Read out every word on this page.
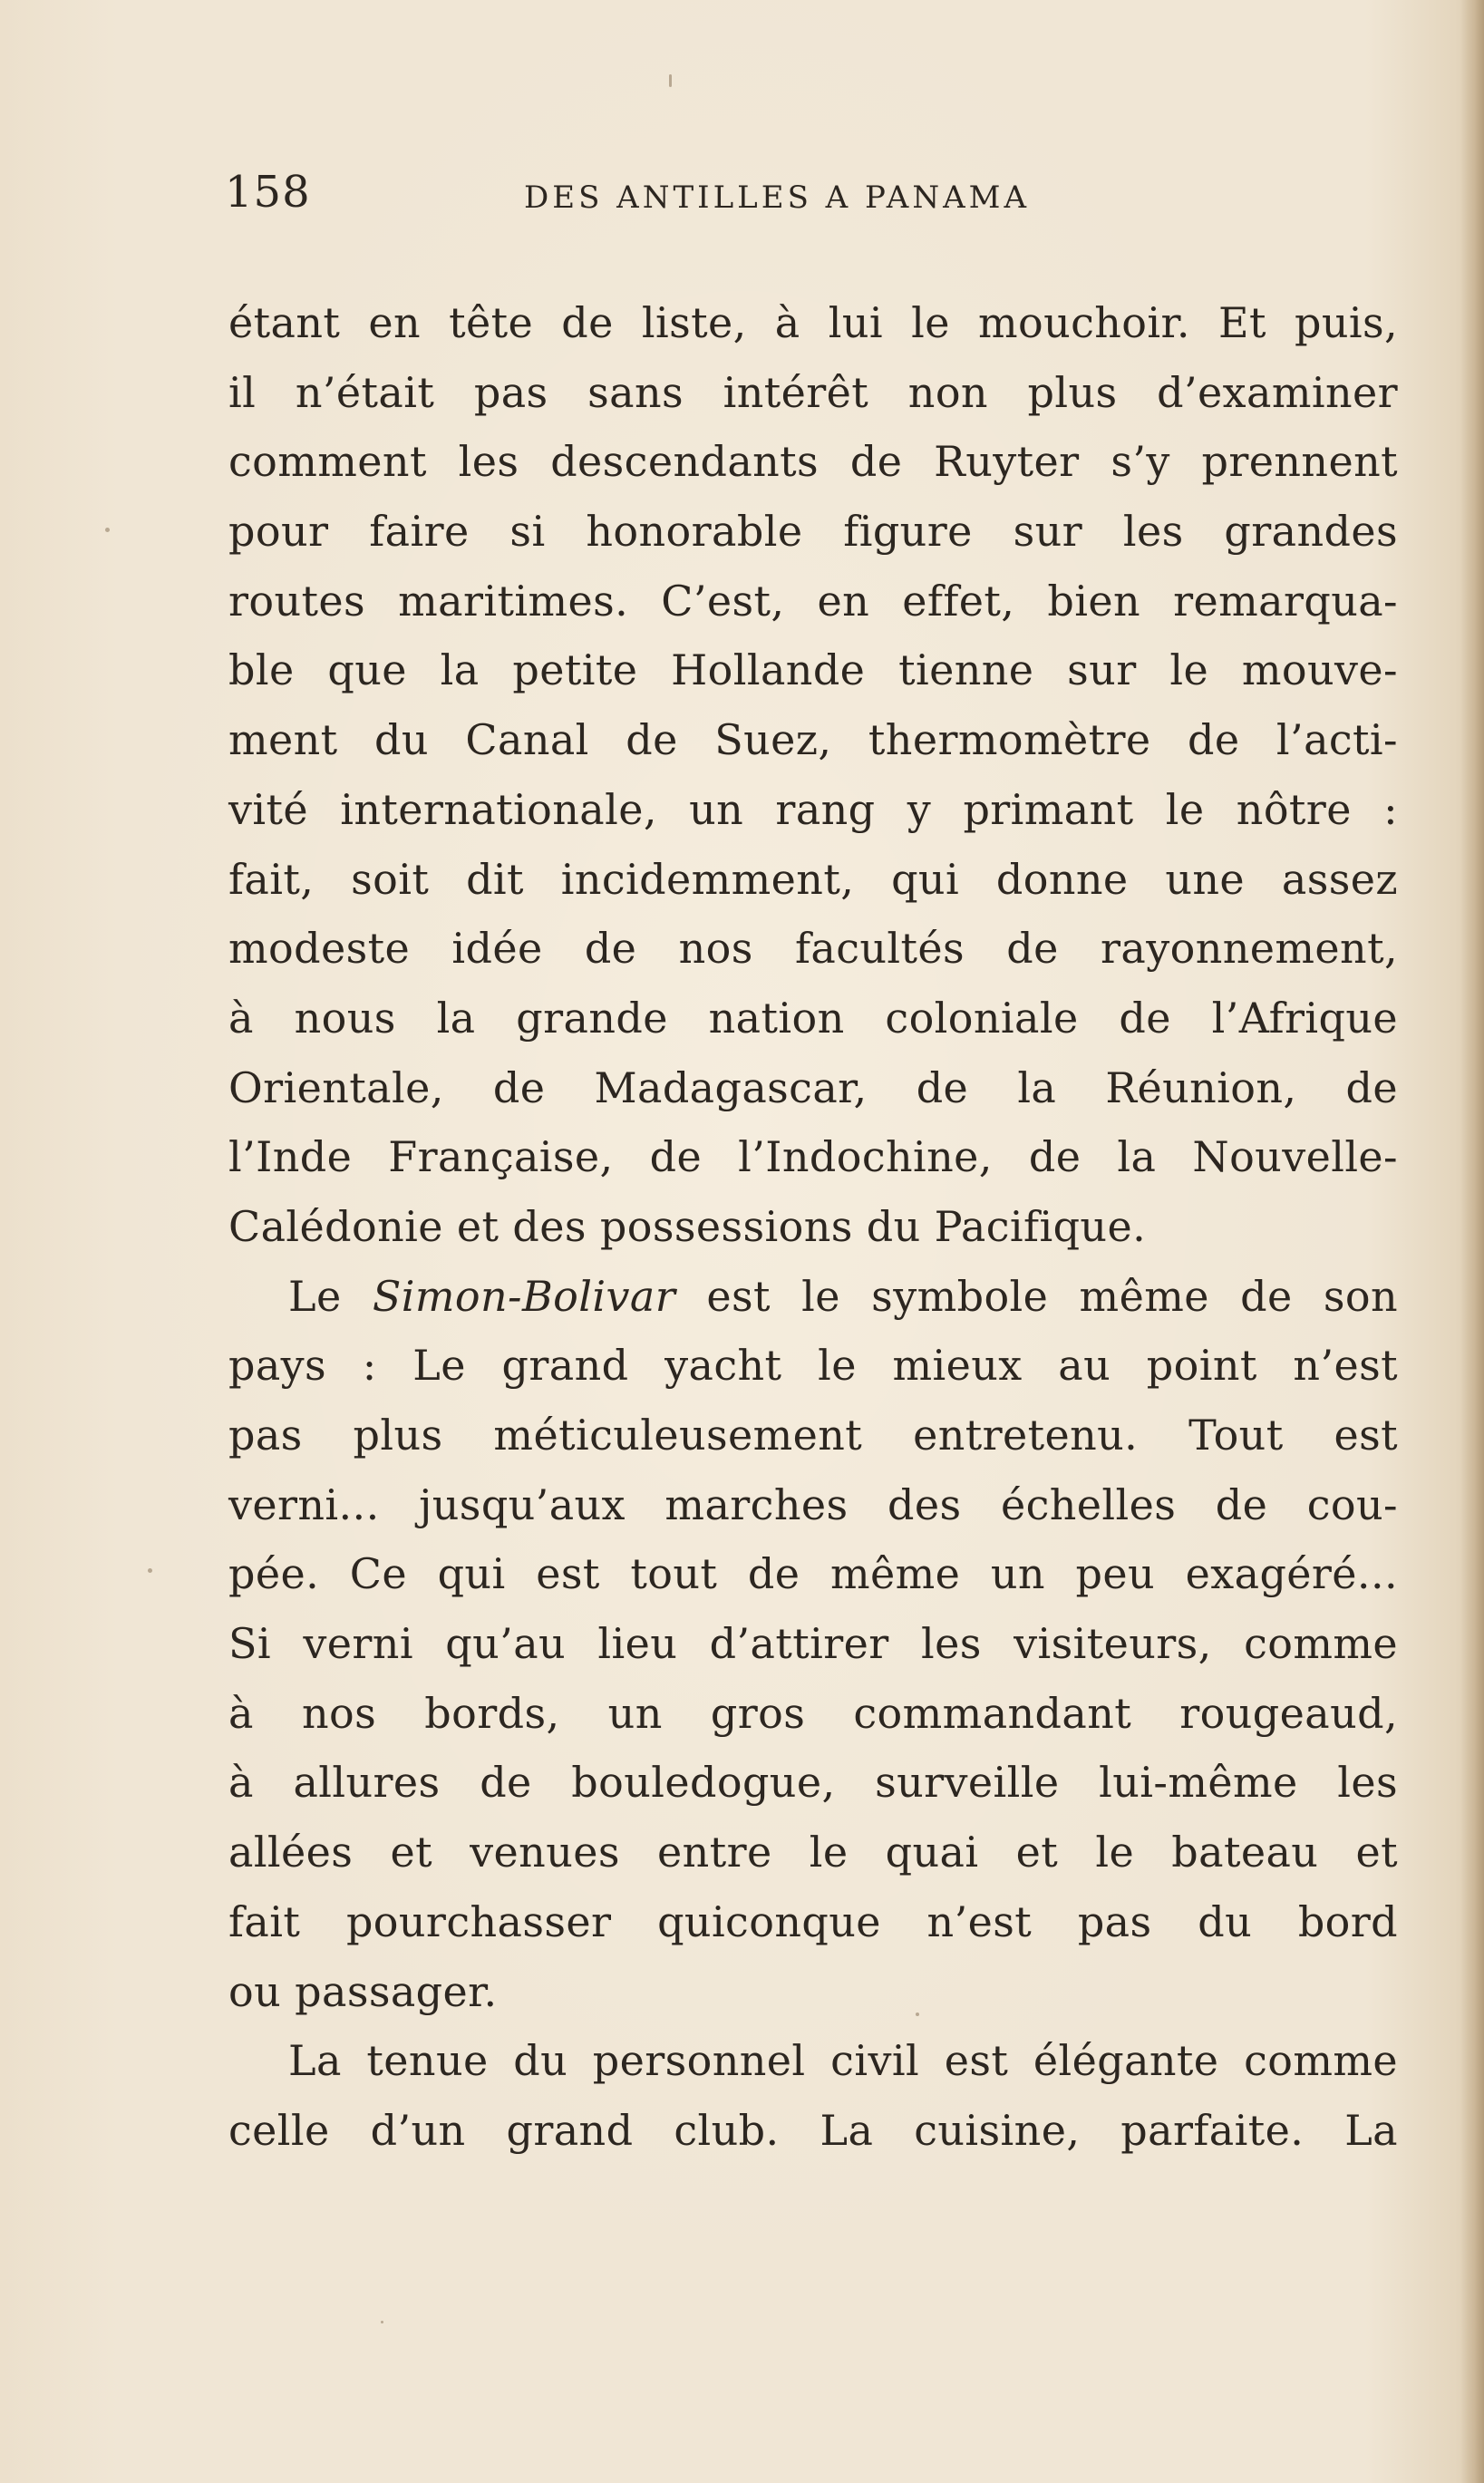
158	DES ANTILLES A PANAMA
étant en tête de liste, à lui le mouchoir. Et puis,
il n’était pas sans intérêt non plus d’examiner
comment les descendants de Ruyter s’y prennent
pour faire si honorable figure sur les grandes
routes maritimes. C’est, en effet, bien remarqua-
ble que la petite Hollande tienne sur le mouve-
ment du Canal de Suez, thermomètre de l’acti-
vité internationale, un rang y primant le nôtre :
fait, soit dit incidemment, qui donne une assez
modeste idée de nos facultés de rayonnement,
à nous la grande nation coloniale de l’Afrique
Orientale, de Madagascar, de la Réunion, de
l’Inde Française, de l’Indochine, de la Nouvelle-
Calédonie et des possessions du Pacifique.
Le Simon-Bolivar est le symbole même de son
pays : Le grand yacht le mieux au point n’est
pas plus méticuleusement entretenu. Tout est
verni... jusqu’aux marches des échelles de cou-
pée. Ce qui est tout de même un peu exagéré...
Si verni qu’au lieu d’attirer les visiteurs, comme
à nos bords, un gros commandant rougeaud,
à allures de bouledogue, surveille lui-même les
allées et venues entre le quai et le bateau et
fait pourchasser quiconque n’est pas du bord
ou passager.
La tenue du personnel civil est élégante comme
celle d’un grand club. La cuisine, parfaite. La
